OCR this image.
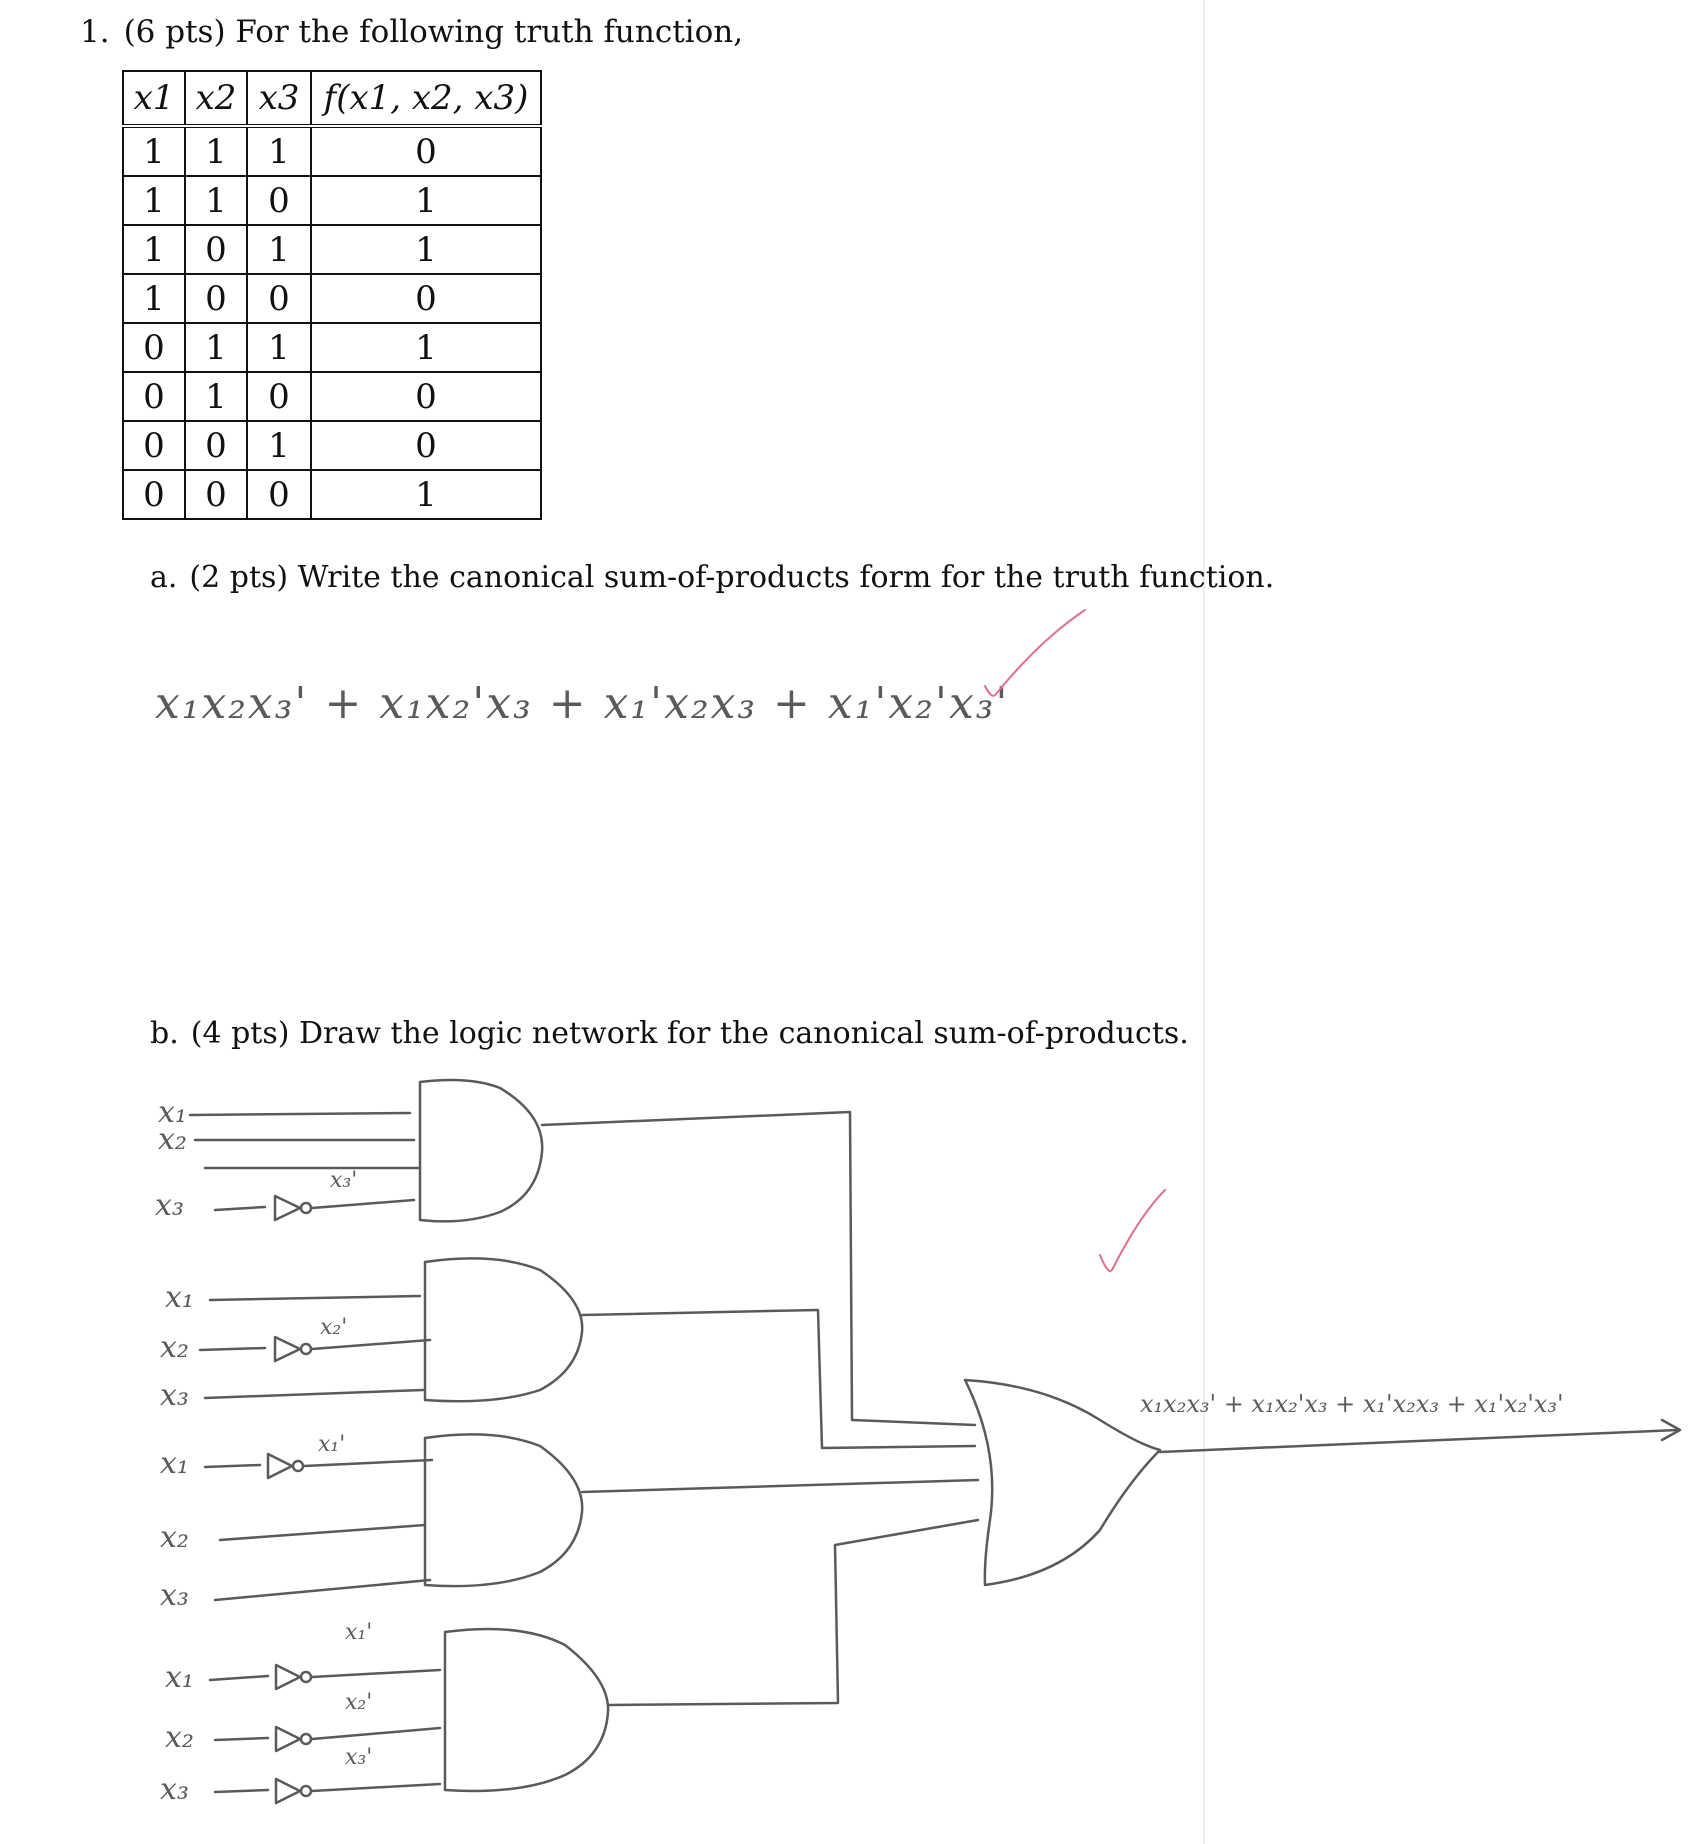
1. (6 pts) For the following truth function,
x1	x2	x3	f(x1, x2, x3)
1	1	1	0
1	1	0	1
1	0	1	1
1	0	0	0
0	1	1	1
0	1	0	0
0	0	1	0
0	0	0	1
a. (2 pts) Write the canonical sum-of-products form for the truth function.
x₁x₂x₃' + x₁x₂'x₃ + x₁'x₂x₃ + x₁'x₂'x₃'
b. (4 pts) Draw the logic network for the canonical sum-of-products.
x₁
x₂
x₃
x₃'
x₁
x₂
x₃
x₂'
x₁
x₂
x₃
x₁'
x₁
x₂
x₃
x₁'
x₂'
x₃'
x₁x₂x₃' + x₁x₂'x₃ + x₁'x₂x₃ + x₁'x₂'x₃'
